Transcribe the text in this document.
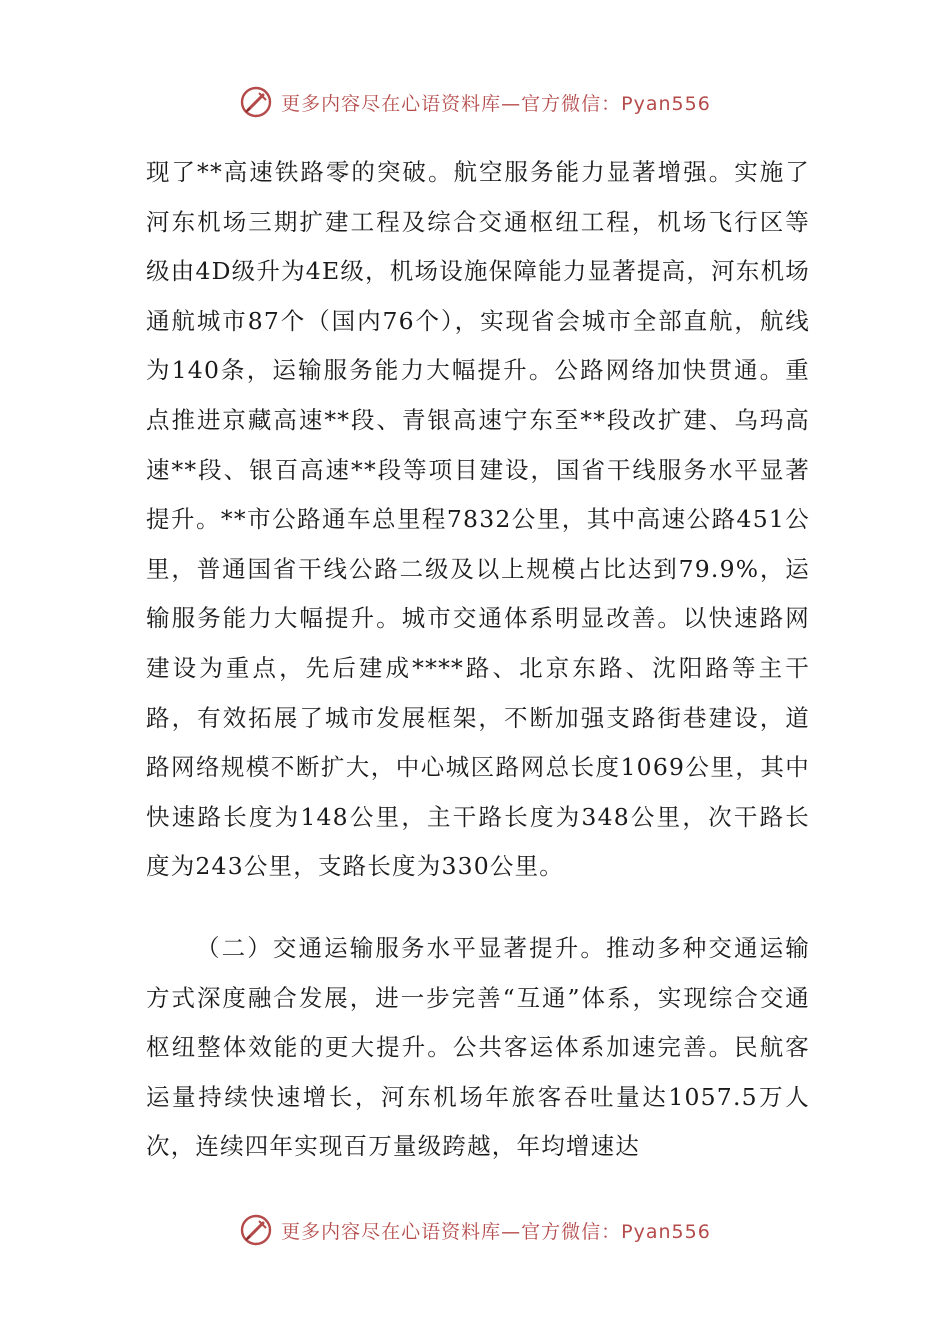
更多内容尽在心语资料库—官方微信：Pyan556

现了**高速铁路零的突破。航空服务能力显著增强。实施了河东机场三期扩建工程及综合交通枢纽工程，机场飞行区等级由4D级升为4E级，机场设施保障能力显著提高，河东机场通航城市87个（国内76个），实现省会城市全部直航，航线为140条，运输服务能力大幅提升。公路网络加快贯通。重点推进京藏高速**段、青银高速宁东至**段改扩建、乌玛高速**段、银百高速**段等项目建设，国省干线服务水平显著提升。**市公路通车总里程7832公里，其中高速公路451公里，普通国省干线公路二级及以上规模占比达到79.9%，运输服务能力大幅提升。城市交通体系明显改善。以快速路网建设为重点，先后建成****路、北京东路、沈阳路等主干路，有效拓展了城市发展框架，不断加强支路街巷建设，道路网络规模不断扩大，中心城区路网总长度1069公里，其中快速路长度为148公里，主干路长度为348公里，次干路长度为243公里，支路长度为330公里。

（二）交通运输服务水平显著提升。推动多种交通运输方式深度融合发展，进一步完善“互通”体系，实现综合交通枢纽整体效能的更大提升。公共客运体系加速完善。民航客运量持续快速增长，河东机场年旅客吞吐量达1057.5万人次，连续四年实现百万量级跨越，年均增速达

更多内容尽在心语资料库—官方微信：Pyan556
